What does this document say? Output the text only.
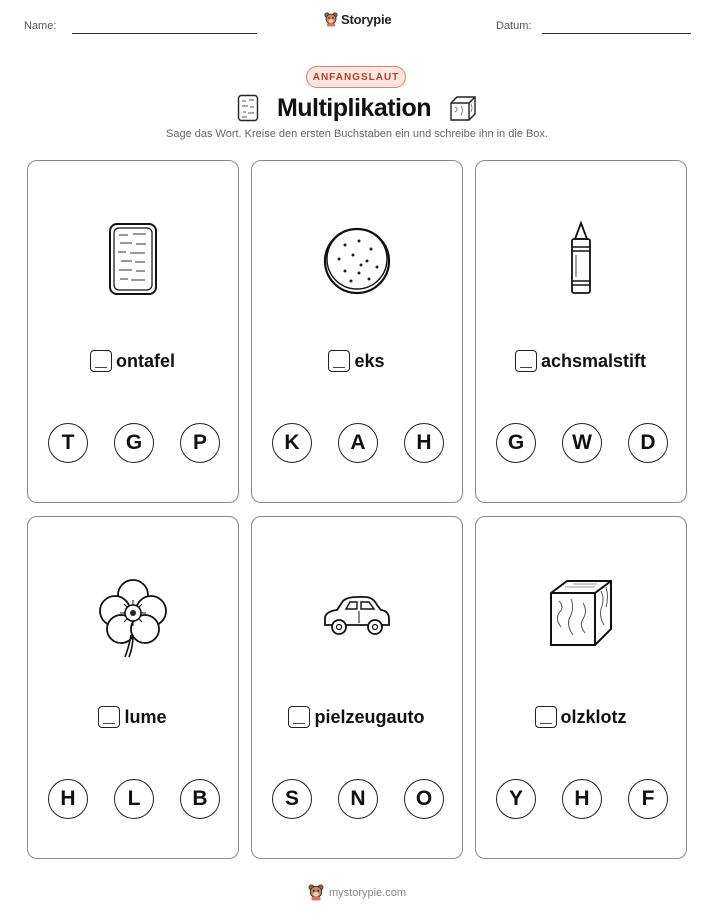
Name:	Storypie	Datum:
ANFANGSLAUT
Multiplikation
Sage das Wort. Kreise den ersten Buchstaben ein und schreibe ihn in die Box.
ontafel
T	G	P
eks
K	A	H
achsmalstift
G	W	D
lume
H	L	B
pielzeugauto
S	N	O
olzklotz
Y	H	F
mystorypie.com
